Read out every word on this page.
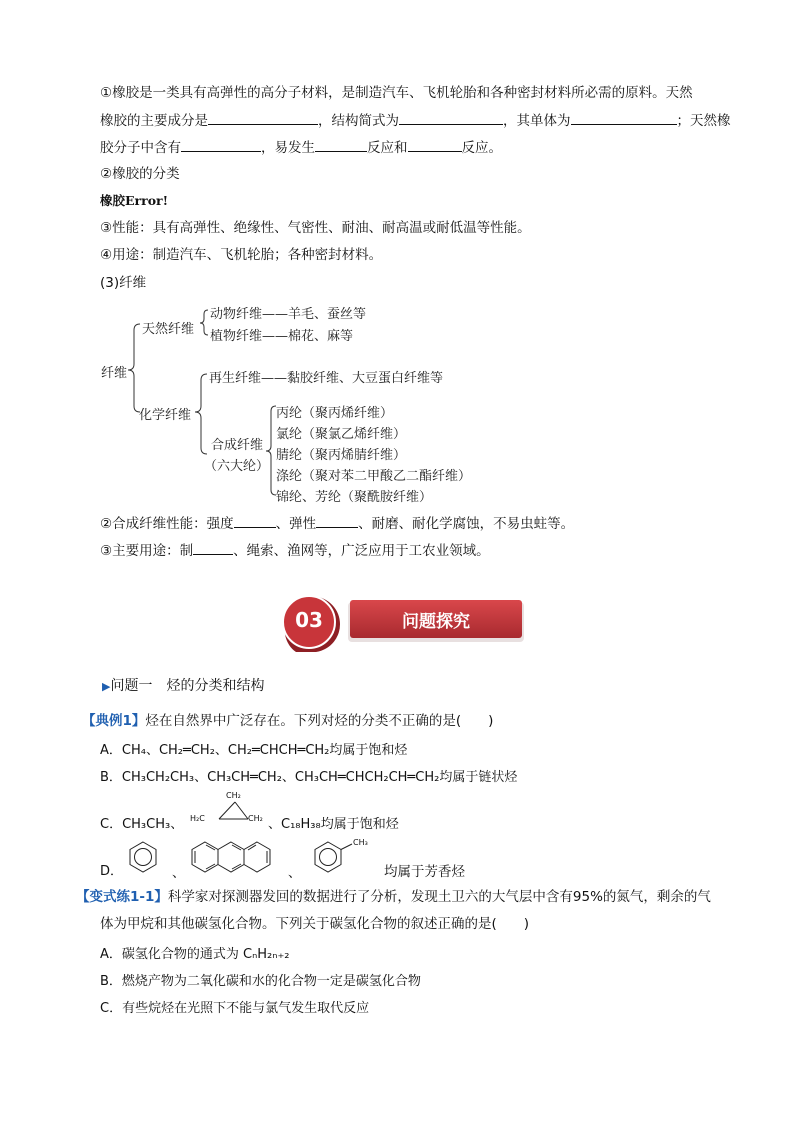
①橡胶是一类具有高弹性的高分子材料，是制造汽车、飞机轮胎和各种密封材料所必需的原料。天然
橡胶的主要成分是	，结构简式为	，其单体为	；天然橡
胶分子中含有	，易发生	反应和	反应。
②橡胶的分类
橡胶Error!
③性能：具有高弹性、绝缘性、气密性、耐油、耐高温或耐低温等性能。
④用途：制造汽车、飞机轮胎；各种密封材料。
(3)纤维
纤维
天然纤维
动物纤维——羊毛、蚕丝等
植物纤维——棉花、麻等
化学纤维
再生纤维——黏胶纤维、大豆蛋白纤维等
合成纤维
（六大纶）
丙纶（聚丙烯纤维）
氯纶（聚氯乙烯纤维）
腈纶（聚丙烯腈纤维）
涤纶（聚对苯二甲酸乙二酯纤维）
锦纶、芳纶（聚酰胺纤维）
②合成纤维性能：强度	、弹性	、耐磨、耐化学腐蚀，不易虫蛀等。
③主要用途：制	、绳索、渔网等，广泛应用于工农业领域。
03	问题探究
▶问题一　烃的分类和结构
【典例1】烃在自然界中广泛存在。下列对烃的分类不正确的是(　　)
A．CH₄、CH₂═CH₂、CH₂═CHCH═CH₂均属于饱和烃
B．CH₃CH₂CH₃、CH₃CH═CH₂、CH₃CH═CHCH₂CH═CH₂均属于链状烃
C．CH₃CH₃、
CH₂
H₂C	CH₂ 、C₁₈H₃₈均属于饱和烃
D．	、	、
CH₃
均属于芳香烃
【变式练1-1】科学家对探测器发回的数据进行了分析，发现土卫六的大气层中含有95%的氮气，剩余的气
体为甲烷和其他碳氢化合物。下列关于碳氢化合物的叙述正确的是(　　)
A．碳氢化合物的通式为 CₙH₂ₙ₊₂
B．燃烧产物为二氧化碳和水的化合物一定是碳氢化合物
C．有些烷烃在光照下不能与氯气发生取代反应
